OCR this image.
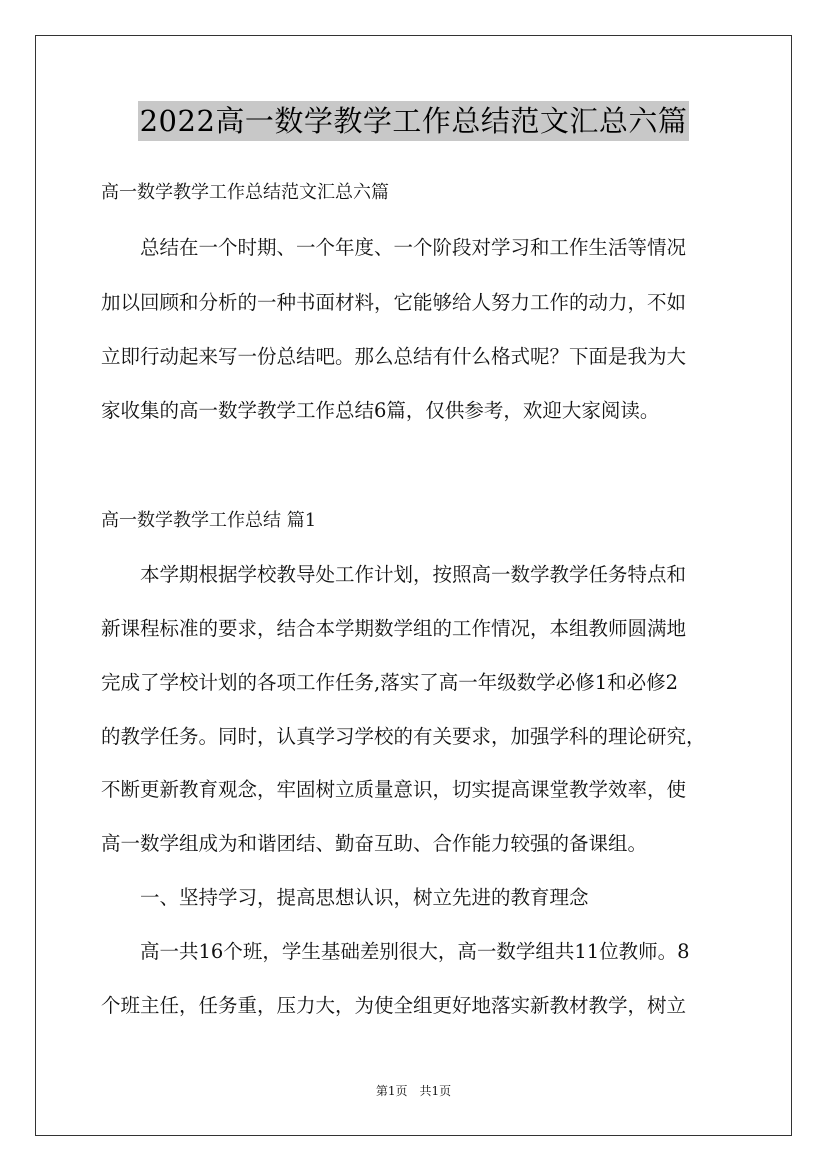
2022高一数学教学工作总结范文汇总六篇
高一数学教学工作总结范文汇总六篇
　　总结在一个时期、一个年度、一个阶段对学习和工作生活等情况
加以回顾和分析的一种书面材料，它能够给人努力工作的动力，不如
立即行动起来写一份总结吧。那么总结有什么格式呢？下面是我为大
家收集的高一数学教学工作总结6篇，仅供参考，欢迎大家阅读。
高一数学教学工作总结 篇1
　　本学期根据学校教导处工作计划，按照高一数学教学任务特点和
新课程标准的要求，结合本学期数学组的工作情况，本组教师圆满地
完成了学校计划的各项工作任务,落实了高一年级数学必修1和必修2
的教学任务。同时，认真学习学校的有关要求，加强学科的理论研究，
不断更新教育观念，牢固树立质量意识，切实提高课堂教学效率，使
高一数学组成为和谐团结、勤奋互助、合作能力较强的备课组。
　　一、坚持学习，提高思想认识，树立先进的教育理念
　　高一共16个班，学生基础差别很大，高一数学组共11位教师。8
个班主任，任务重，压力大，为使全组更好地落实新教材教学，树立
第1页　共1页
